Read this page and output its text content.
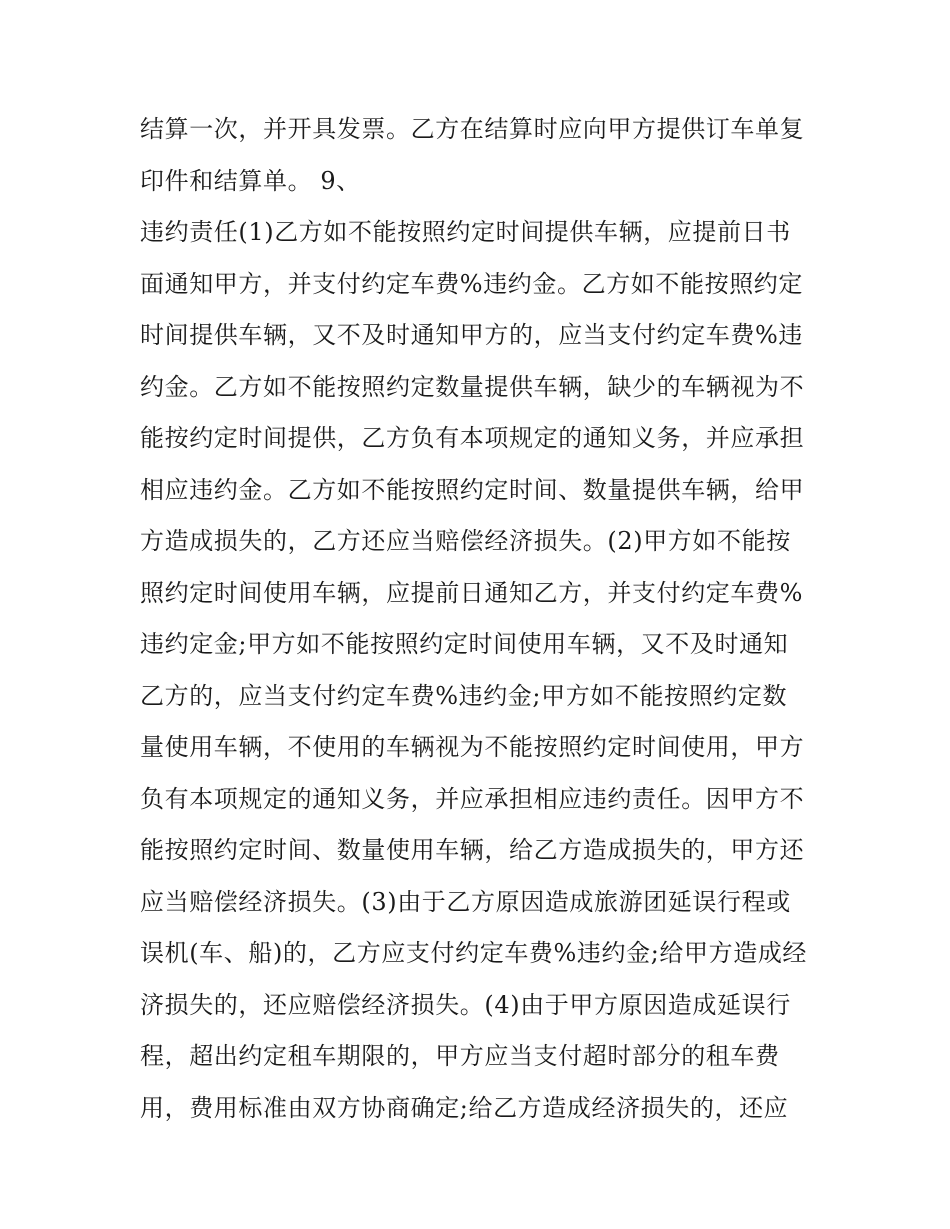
结算一次，并开具发票。乙方在结算时应向甲方提供订车单复
印件和结算单。 9、
违约责任(1)乙方如不能按照约定时间提供车辆，应提前日书
面通知甲方，并支付约定车费%违约金。乙方如不能按照约定
时间提供车辆，又不及时通知甲方的，应当支付约定车费%违
约金。乙方如不能按照约定数量提供车辆，缺少的车辆视为不
能按约定时间提供，乙方负有本项规定的通知义务，并应承担
相应违约金。乙方如不能按照约定时间、数量提供车辆，给甲
方造成损失的，乙方还应当赔偿经济损失。(2)甲方如不能按
照约定时间使用车辆，应提前日通知乙方，并支付约定车费%
违约定金;甲方如不能按照约定时间使用车辆，又不及时通知
乙方的，应当支付约定车费%违约金;甲方如不能按照约定数
量使用车辆，不使用的车辆视为不能按照约定时间使用，甲方
负有本项规定的通知义务，并应承担相应违约责任。因甲方不
能按照约定时间、数量使用车辆，给乙方造成损失的，甲方还
应当赔偿经济损失。(3)由于乙方原因造成旅游团延误行程或
误机(车、船)的，乙方应支付约定车费%违约金;给甲方造成经
济损失的，还应赔偿经济损失。(4)由于甲方原因造成延误行
程，超出约定租车期限的，甲方应当支付超时部分的租车费
用，费用标准由双方协商确定;给乙方造成经济损失的，还应
